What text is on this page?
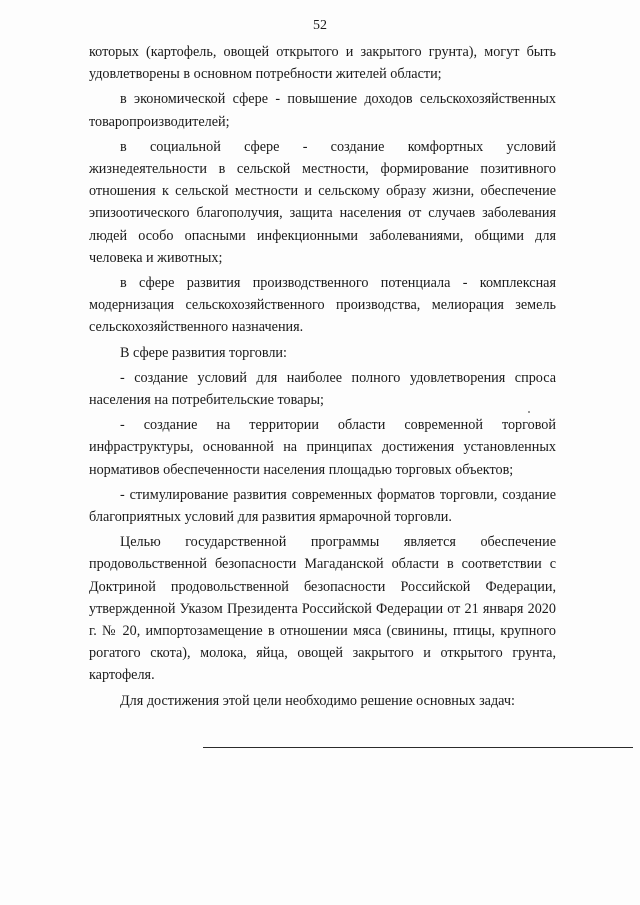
52

которых (картофель, овощей открытого и закрытого грунта), могут быть удовлетворены в основном потребности жителей области;

в экономической сфере - повышение доходов сельскохозяйственных товаропроизводителей;

в социальной сфере - создание комфортных условий жизнедеятельности в сельской местности, формирование позитивного отношения к сельской местности и сельскому образу жизни, обеспечение эпизоотического благополучия, защита населения от случаев заболевания людей особо опасными инфекционными заболеваниями, общими для человека и животных;

в сфере развития производственного потенциала - комплексная модернизация сельскохозяйственного производства, мелиорация земель сельскохозяйственного назначения.

В сфере развития торговли:

- создание условий для наиболее полного удовлетворения спроса населения на потребительские товары;

- создание на территории области современной торговой инфраструктуры, основанной на принципах достижения установленных нормативов обеспеченности населения площадью торговых объектов;

- стимулирование развития современных форматов торговли, создание благоприятных условий для развития ярмарочной торговли.

Целью государственной программы является обеспечение продовольственной безопасности Магаданской области в соответствии с Доктриной продовольственной безопасности Российской Федерации, утвержденной Указом Президента Российской Федерации от 21 января 2020 г. № 20, импортозамещение в отношении мяса (свинины, птицы, крупного рогатого скота), молока, яйца, овощей закрытого и открытого грунта, картофеля.

Для достижения этой цели необходимо решение основных задач:
